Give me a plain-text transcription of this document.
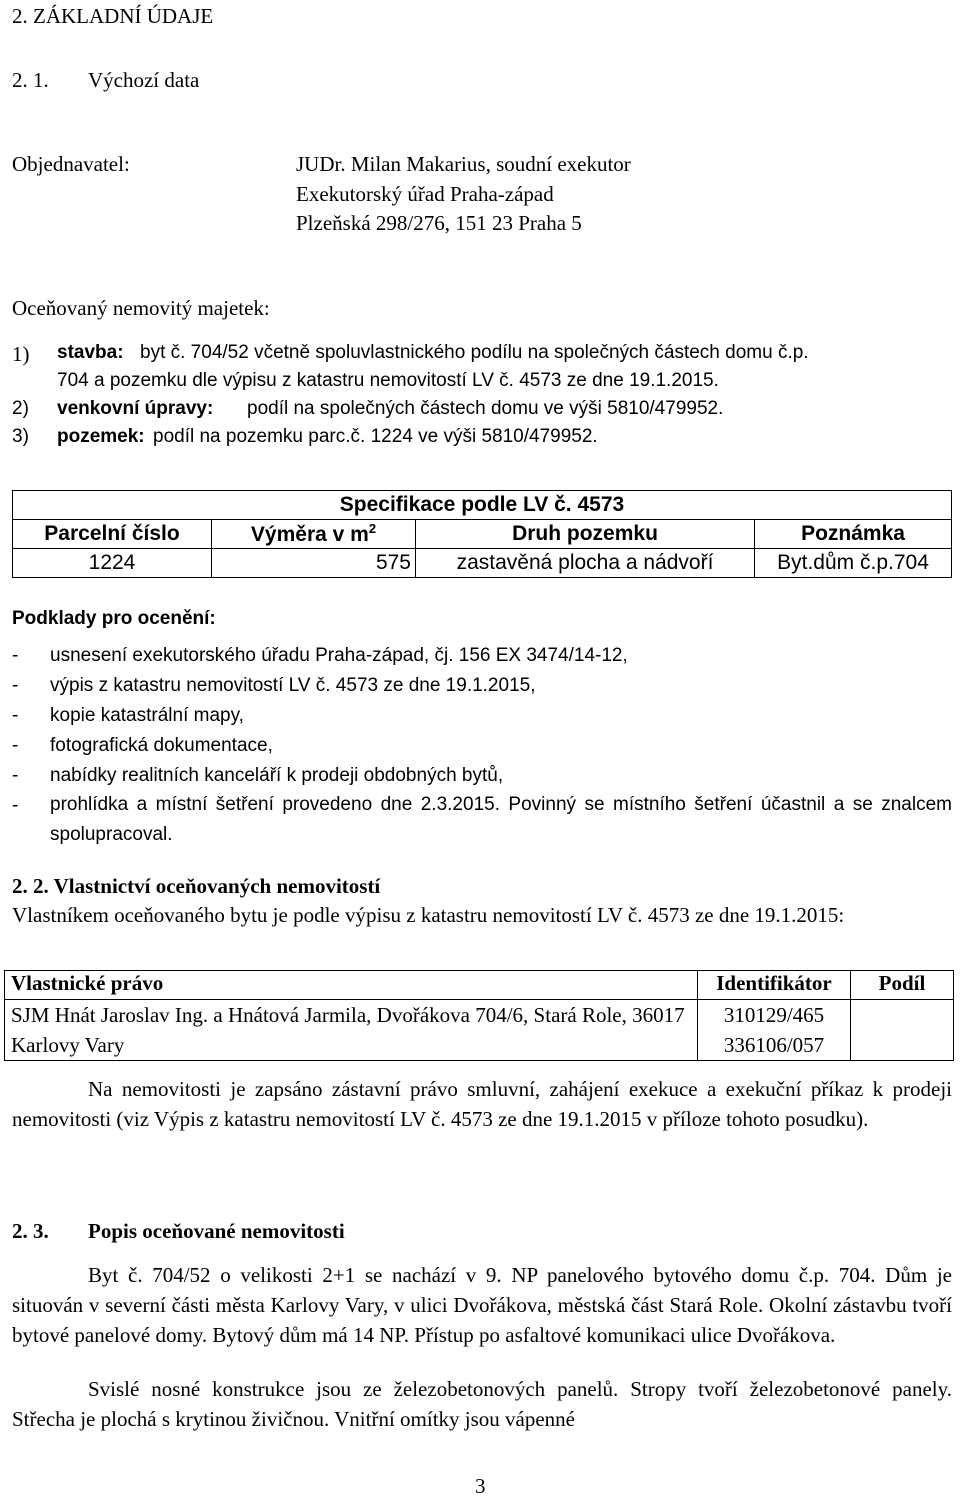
2. ZÁKLADNÍ ÚDAJE
2. 1. Výchozí data
Objednavatel:	JUDr. Milan Makarius, soudní exekutor
Exekutorský úřad Praha-západ
Plzeňská 298/276, 151 23 Praha 5
Oceňovaný nemovitý majetek:
1) stavba: byt č. 704/52 včetně spoluvlastnického podílu na společných částech domu č.p.
704 a pozemku dle výpisu z katastru nemovitostí LV č. 4573 ze dne 19.1.2015.
2) venkovní úpravy: podíl na společných částech domu ve výši 5810/479952.
3) pozemek: podíl na pozemku parc.č. 1224 ve výši 5810/479952.
Specifikace podle LV č. 4573			
Parcelní číslo	Výměra v $m^2$	Druh pozemku	Poznámka
1224	575	zastavěná plocha a nádvoří	Byt.dům č.p.704
Podklady pro ocenění:
- usnesení exekutorského úřadu Praha-západ, čj. 156 EX 3474/14-12,
- výpis z katastru nemovitostí LV č. 4573 ze dne 19.1.2015,
- kopie katastrální mapy,
- fotografická dokumentace,
- nabídky realitních kanceláří k prodeji obdobných bytů,
- prohlídka a místní šetření provedeno dne 2.3.2015. Povinný se místního šetření účastnil a se znalcem spolupracoval.
2. 2. Vlastnictví oceňovaných nemovitostí
Vlastníkem oceňovaného bytu je podle výpisu z katastru nemovitostí LV č. 4573 ze dne 19.1.2015:
Vlastnické právo	Identifikátor	Podíl
SJM Hnát Jaroslav Ing. a Hnátová Jarmila, Dvořákova 704/6, Stará Role, 36017 Karlovy Vary	310129/465
336106/057	

Na nemovitosti je zapsáno zástavní právo smluvní, zahájení exekuce a exekuční příkaz k prodeji nemovitosti (viz Výpis z katastru nemovitostí LV č. 4573 ze dne 19.1.2015 v příloze tohoto posudku).
2. 3. Popis oceňované nemovitosti
Byt č. 704/52 o velikosti 2+1 se nachází v 9. NP panelového bytového domu č.p. 704. Dům je situován v severní části města Karlovy Vary, v ulici Dvořákova, městská část Stará Role. Okolní zástavbu tvoří bytové panelové domy. Bytový dům má 14 NP. Přístup po asfaltové komunikaci ulice Dvořákova.
Svislé nosné konstrukce jsou ze železobetonových panelů. Stropy tvoří železobetonové panely. Střecha je plochá s krytinou živičnou. Vnitřní omítky jsou vápenné
3
